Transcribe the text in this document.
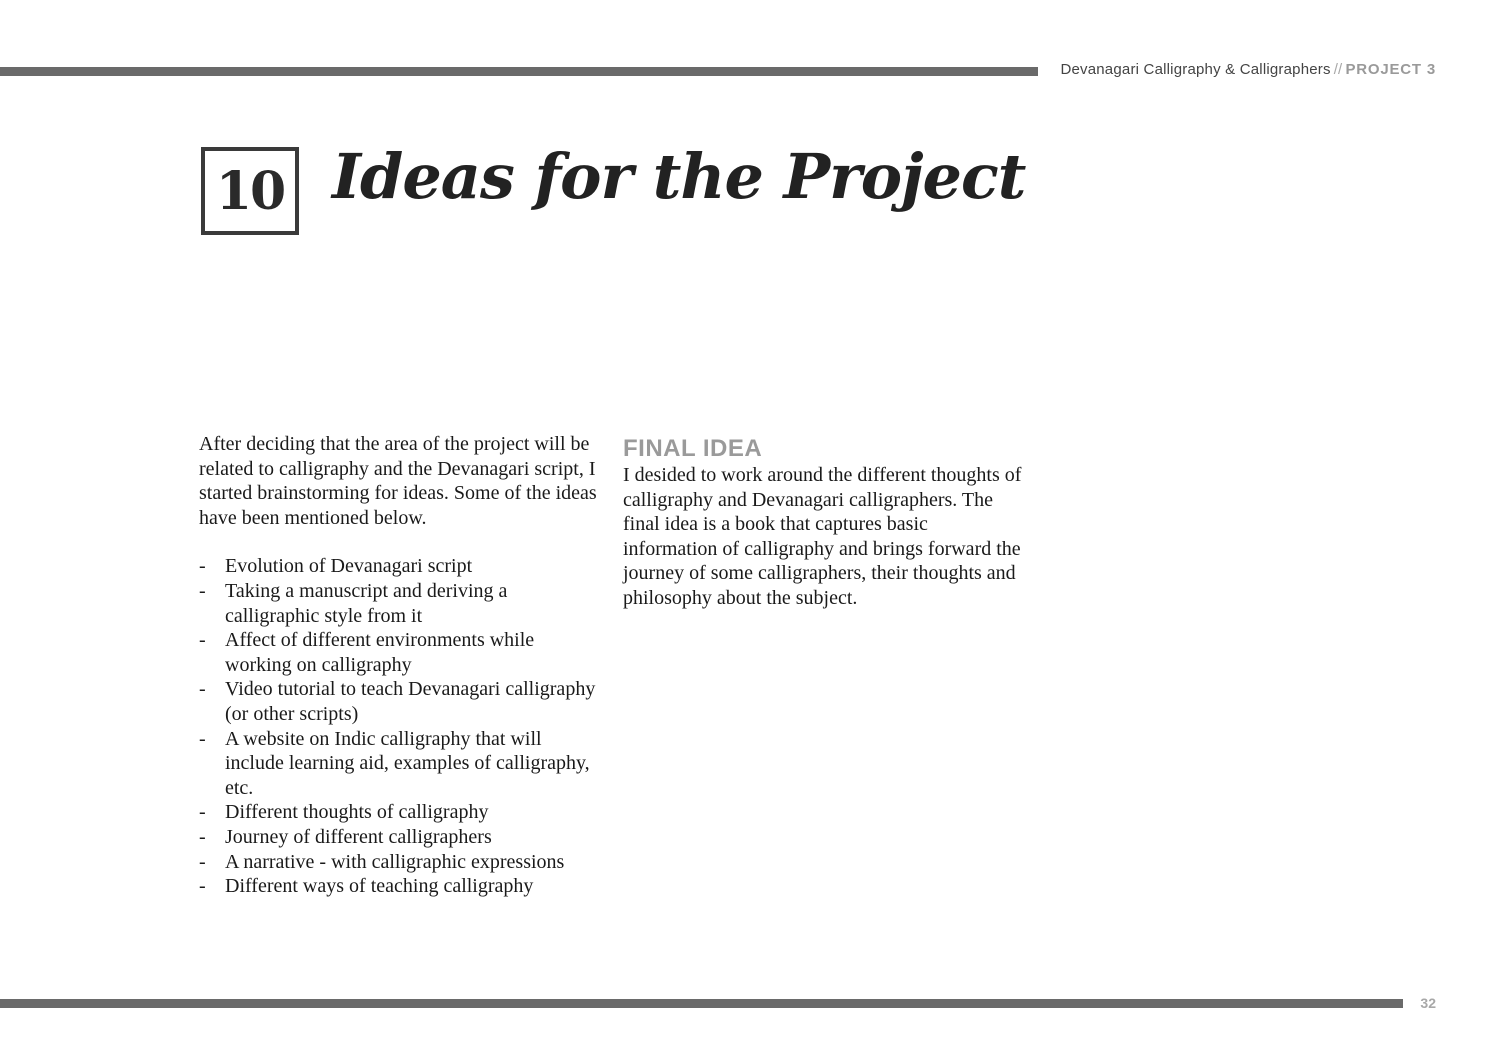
Devanagari Calligraphy & Calligraphers // PROJECT 3
10 Ideas for the Project

After deciding that the area of the project will be related to calligraphy and the Devanagari script, I started brainstorming for ideas. Some of the ideas have been mentioned below.

- Evolution of Devanagari script
- Taking a manuscript and deriving a calligraphic style from it
- Affect of different environments while working on calligraphy
- Video tutorial to teach Devanagari calligraphy (or other scripts)
- A website on Indic calligraphy that will include learning aid, examples of calligraphy, etc.
- Different thoughts of calligraphy
- Journey of different calligraphers
- A narrative - with calligraphic expressions
- Different ways of teaching calligraphy
FINAL IDEA

I desided to work around the different thoughts of calligraphy and Devanagari calligraphers. The final idea is a book that captures basic information of calligraphy and brings forward the journey of some calligraphers, their thoughts and philosophy about the subject.

32
